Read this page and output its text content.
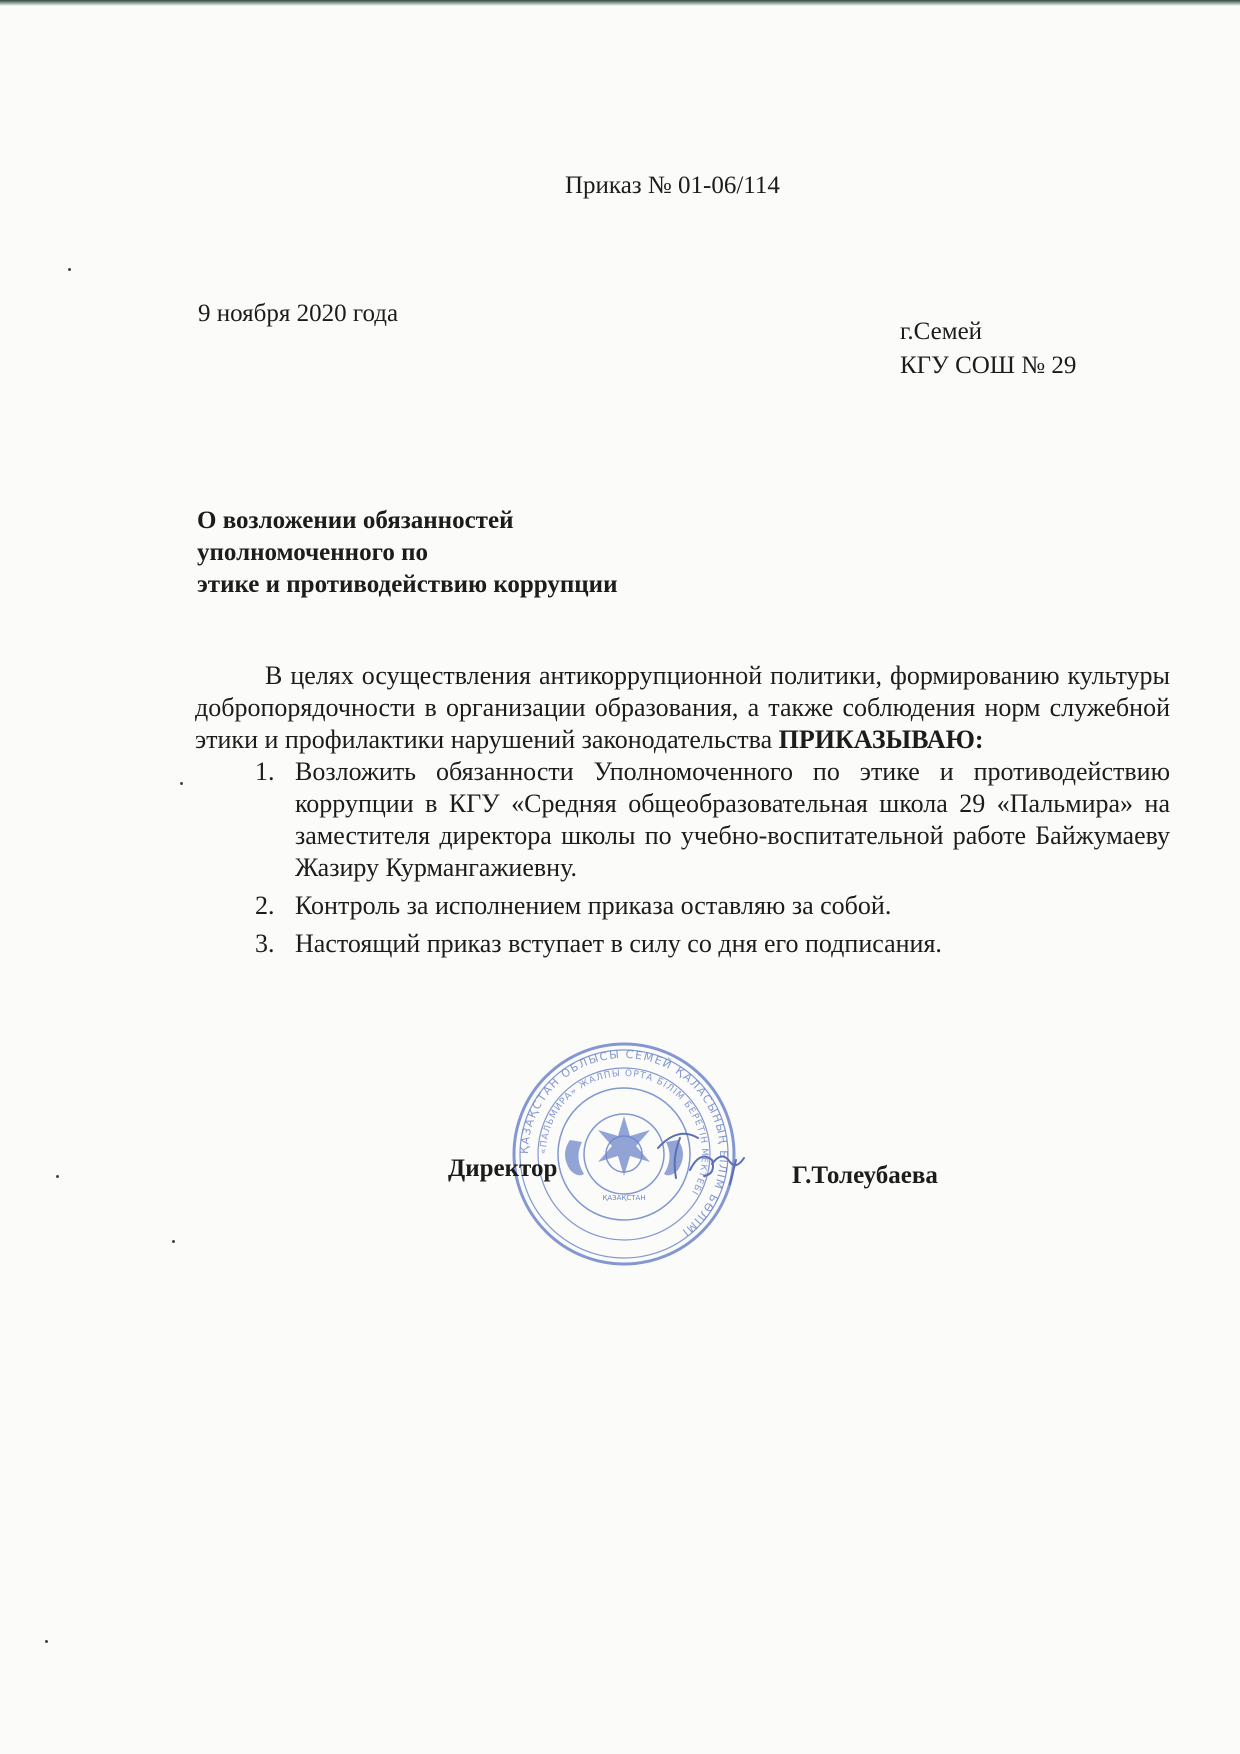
Приказ № 01-06/114
9 ноября 2020 года
г.Семей
КГУ СОШ № 29
О возложении обязанностей
уполномоченного по
этике и противодействию коррупции

В целях осуществления антикоррупционной политики, формированию культуры добропорядочности в организации образования, а также соблюдения норм служебной этики и профилактики нарушений законодательства ПРИКАЗЫВАЮ:

1. Возложить обязанности Уполномоченного по этике и противодействию коррупции в КГУ «Средняя общеобразовательная школа 29 «Пальмира» на заместителя директора школы по учебно-воспитательной работе Байжумаеву Жазиру Курмангажиевну.
2. Контроль за исполнением приказа оставляю за собой.
3. Настоящий приказ вступает в силу со дня его подписания.
ҚАЗАҚСТАН ОБЛЫСЫ СЕМЕЙ ҚАЛАСЫНЫҢ БІЛІМ БӨЛІМІ
«ПАЛЬМИРА» ЖАЛПЫ ОРТА БІЛІМ БЕРЕТІН МЕКТЕБІ
ҚАЗАҚСТАН
Директор	Г.Толеубаева
